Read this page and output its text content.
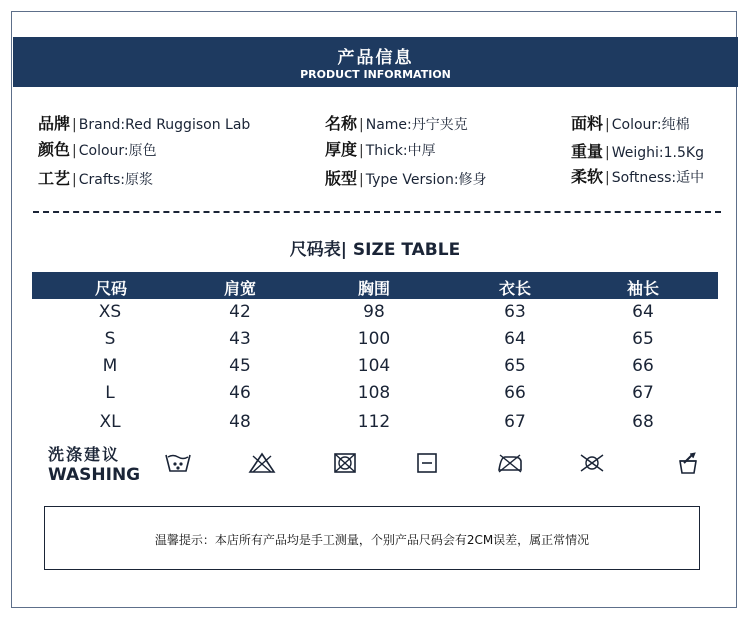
产品信息
PRODUCT INFORMATION
品牌 | Brand:Red Ruggison Lab	名称 | Name:丹宁夹克	面料 | Colour:纯棉
颜色 | Colour:原色	厚度 | Thick:中厚	重量 | Weighi:1.5Kg
工艺 | Crafts:原浆	版型 | Type Version:修身	柔软 | Softness:适中
尺码表| SIZE TABLE
尺码	肩宽	胸围	衣长	袖长
XS	42	98	63	64
S	43	100	64	65
M	45	104	65	66
L	46	108	66	67
XL	48	112	67	68
洗涤建议
WASHING
温馨提示：本店所有产品均是手工测量，个别产品尺码会有2CM误差，属正常情况
